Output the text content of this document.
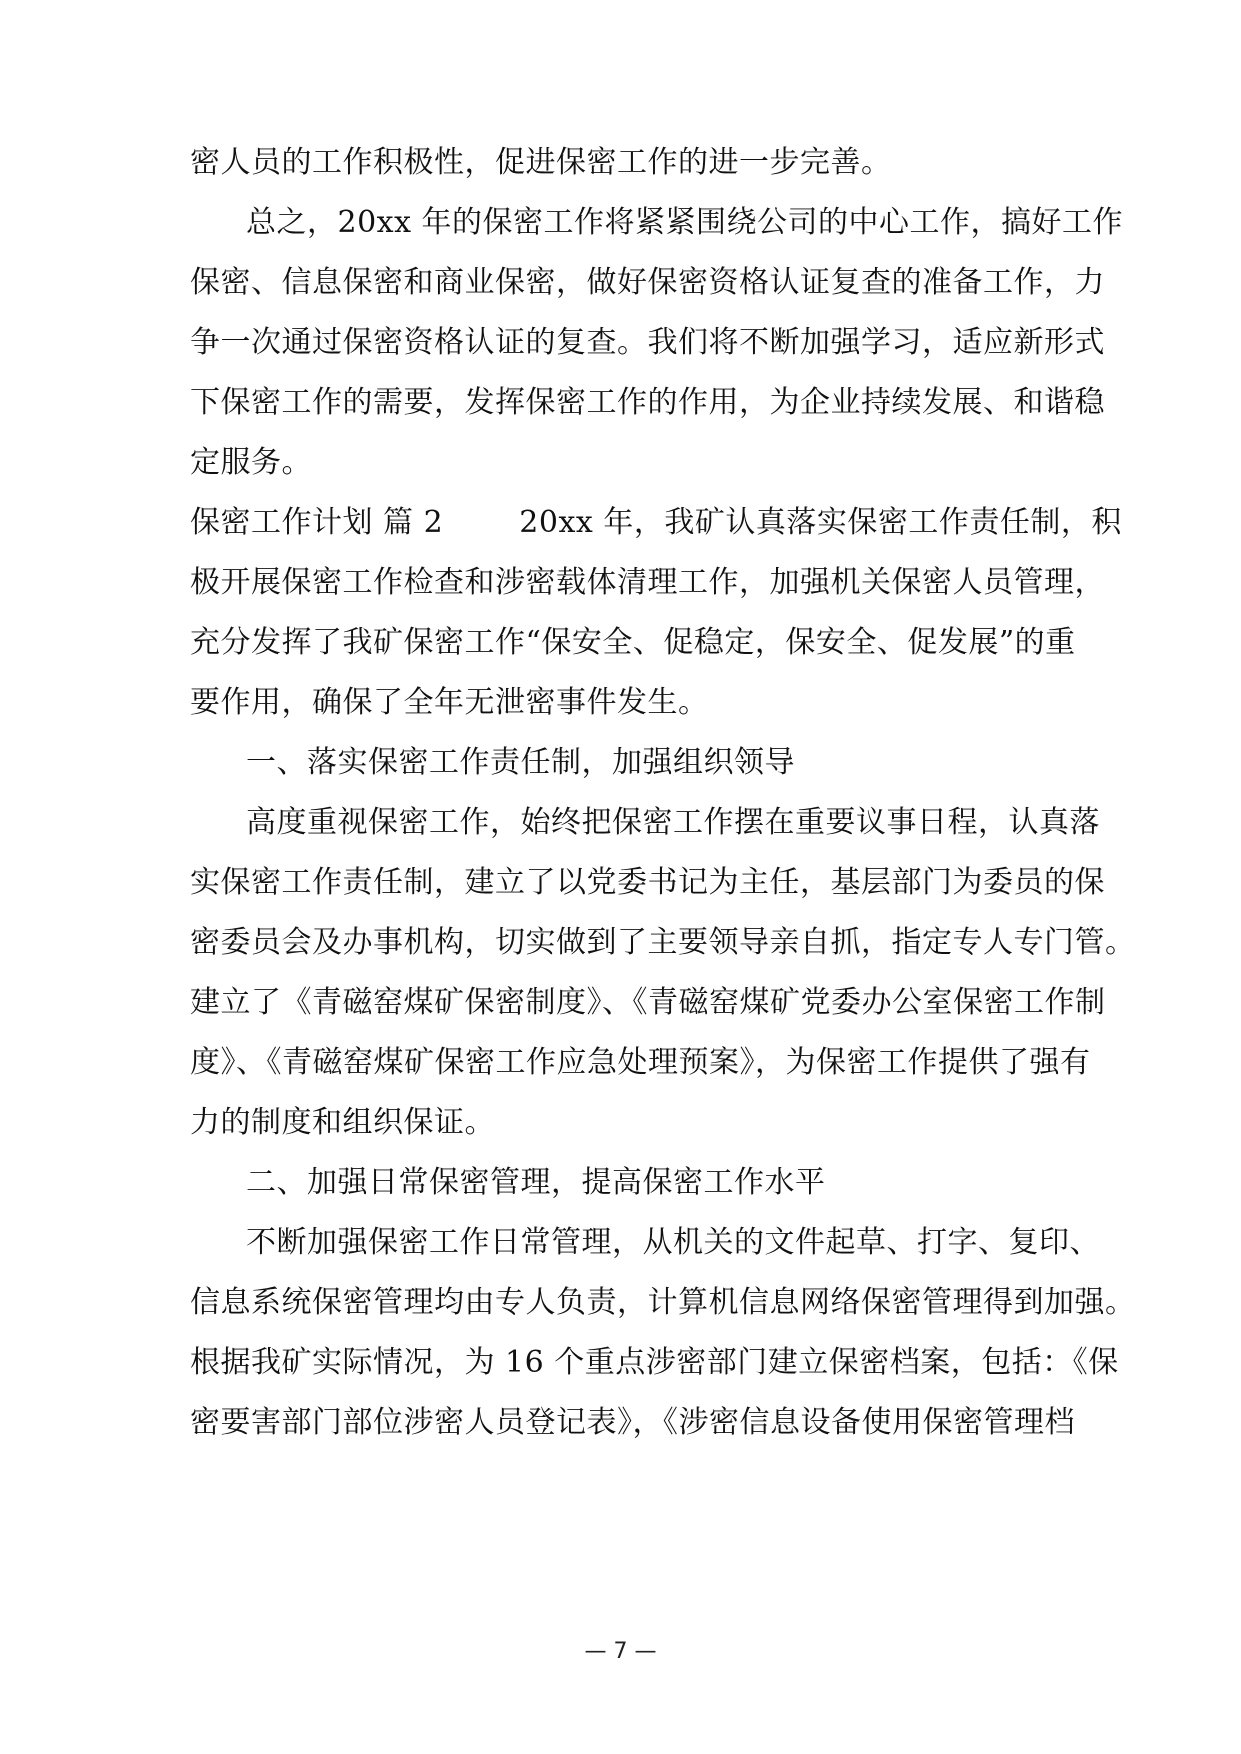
密人员的工作积极性，促进保密工作的进一步完善。
总之，20xx 年的保密工作将紧紧围绕公司的中心工作，搞好工作
保密、信息保密和商业保密，做好保密资格认证复查的准备工作，力
争一次通过保密资格认证的复查。我们将不断加强学习，适应新形式
下保密工作的需要，发挥保密工作的作用，为企业持续发展、和谐稳
定服务。
保密工作计划 篇 2	20xx 年，我矿认真落实保密工作责任制，积
极开展保密工作检查和涉密载体清理工作，加强机关保密人员管理，
充分发挥了我矿保密工作“保安全、促稳定，保安全、促发展”的重
要作用，确保了全年无泄密事件发生。
一、落实保密工作责任制，加强组织领导
高度重视保密工作，始终把保密工作摆在重要议事日程，认真落
实保密工作责任制，建立了以党委书记为主任，基层部门为委员的保
密委员会及办事机构，切实做到了主要领导亲自抓，指定专人专门管。
建立了《青磁窑煤矿保密制度》、《青磁窑煤矿党委办公室保密工作制
度》、《青磁窑煤矿保密工作应急处理预案》，为保密工作提供了强有
力的制度和组织保证。
二、加强日常保密管理，提高保密工作水平
不断加强保密工作日常管理，从机关的文件起草、打字、复印、
信息系统保密管理均由专人负责，计算机信息网络保密管理得到加强。
根据我矿实际情况，为 16 个重点涉密部门建立保密档案，包括：《保
密要害部门部位涉密人员登记表》，《涉密信息设备使用保密管理档
— 7 —
